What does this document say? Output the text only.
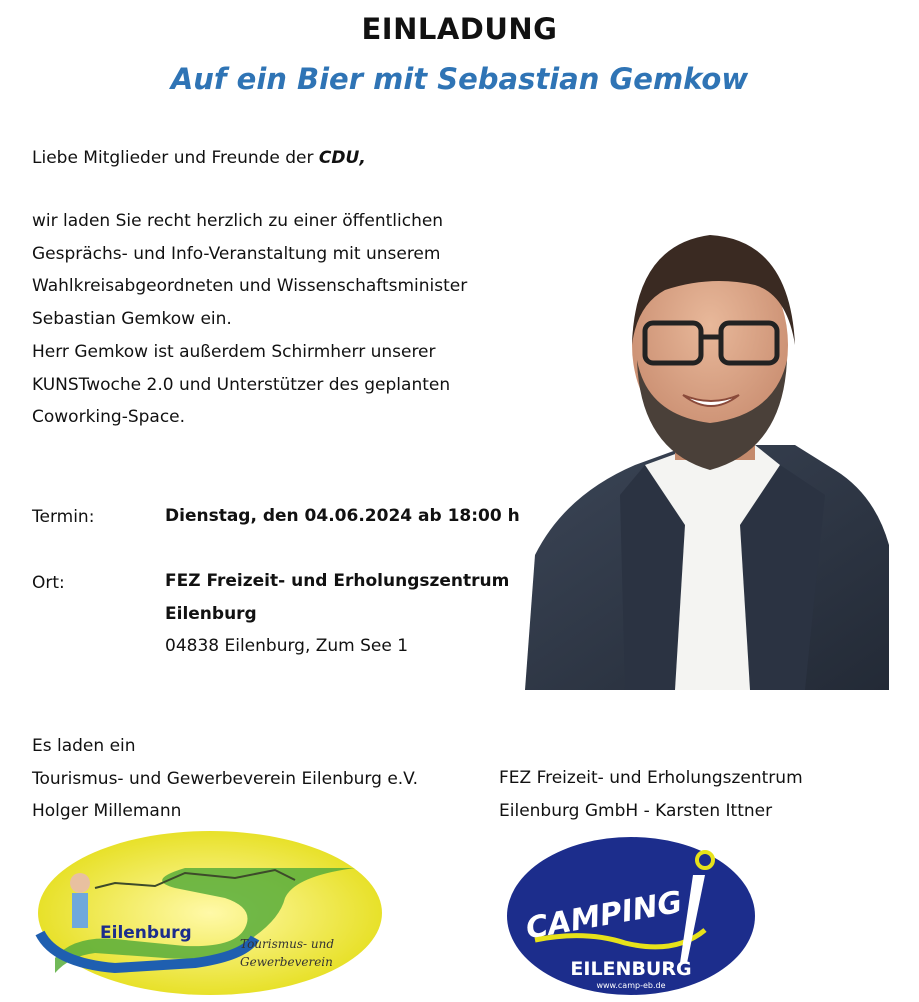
EINLADUNG
Auf ein Bier mit Sebastian Gemkow
Liebe Mitglieder und Freunde der CDU,
wir laden Sie recht herzlich zu einer öffentlichen
Gesprächs- und Info-Veranstaltung mit unserem
Wahlkreisabgeordneten und Wissenschaftsminister
Sebastian Gemkow ein.
Herr Gemkow ist außerdem Schirmherr unserer
KUNSTwoche 2.0 und Unterstützer des geplanten
Coworking-Space.
Termin:	Dienstag, den 04.06.2024 ab 18:00 h
Ort:	FEZ Freizeit- und Erholungszentrum
Eilenburg
04838 Eilenburg, Zum See 1
Es laden ein
Tourismus- und Gewerbeverein Eilenburg e.V.
Holger Millemann
FEZ Freizeit- und Erholungszentrum
Eilenburg GmbH - Karsten Ittner
Eilenburg
Tourismus- und
Gewerbeverein
CAMPING
EILENBURG
www.camp-eb.de
